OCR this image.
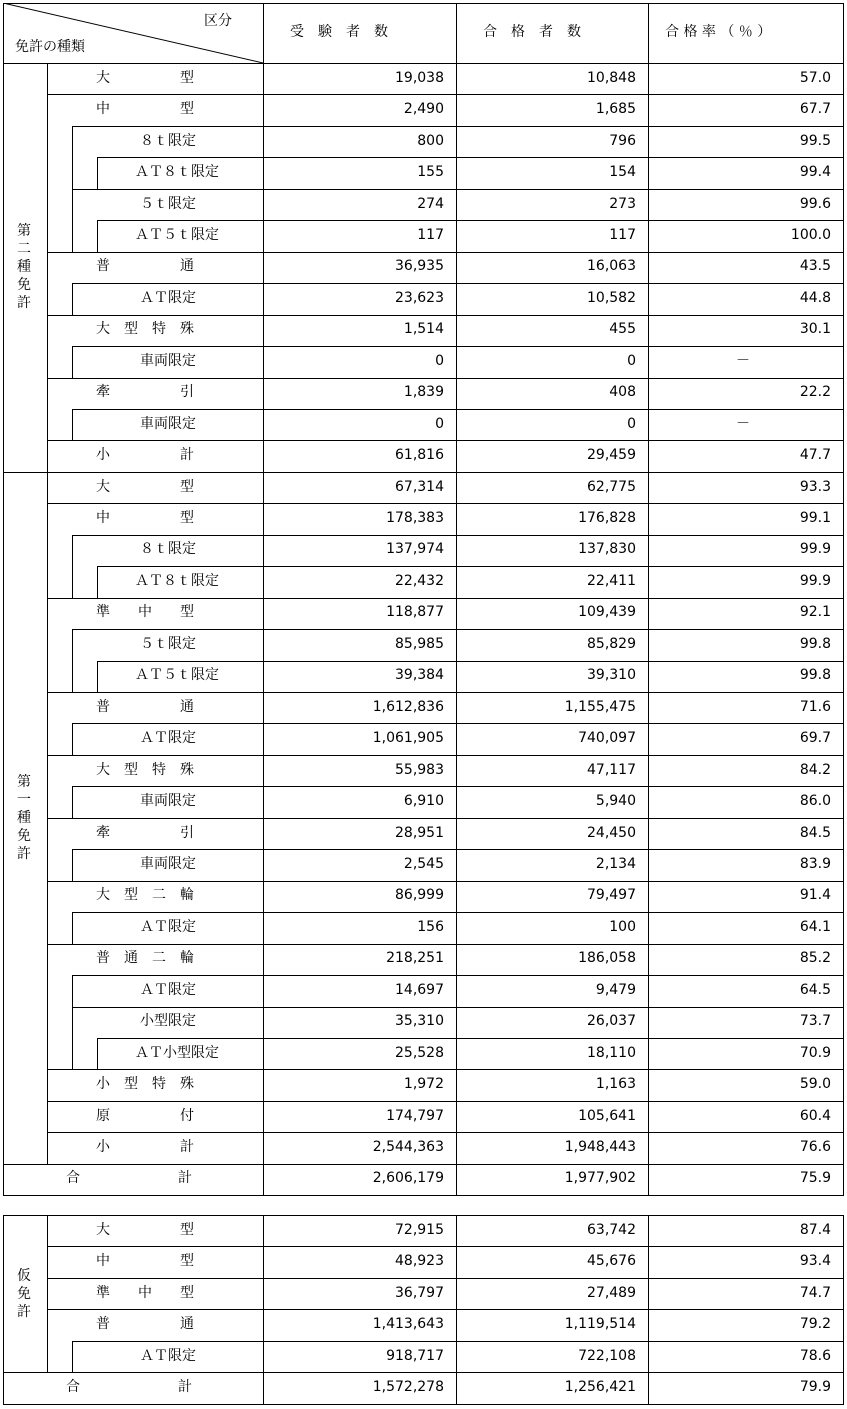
区分
免許の種類
受　験　者　数	合　格　者　数	合 格 率 （ ％ ）
大　　　　　型	19,038	10,848	57.0
中　　　　　型	2,490	1,685	67.7
８ｔ限定	800	796	99.5
ＡＴ８ｔ限定	155	154	99.4
５ｔ限定	274	273	99.6
ＡＴ５ｔ限定	117	117	100.0
普　　　　　通	36,935	16,063	43.5
ＡＴ限定	23,623	10,582	44.8
大　型　特　殊	1,514	455	30.1
車両限定	0	0	－
牽　　　　　引	1,839	408	22.2
車両限定	0	0	－
小　　　　　計	61,816	29,459	47.7
第二種免許
大　　　　　型	67,314	62,775	93.3
中　　　　　型	178,383	176,828	99.1
８ｔ限定	137,974	137,830	99.9
ＡＴ８ｔ限定	22,432	22,411	99.9
準　　中　　型	118,877	109,439	92.1
５ｔ限定	85,985	85,829	99.8
ＡＴ５ｔ限定	39,384	39,310	99.8
普　　　　　通	1,612,836	1,155,475	71.6
ＡＴ限定	1,061,905	740,097	69.7
大　型　特　殊	55,983	47,117	84.2
車両限定	6,910	5,940	86.0
牽　　　　　引	28,951	24,450	84.5
車両限定	2,545	2,134	83.9
大　型　二　輪	86,999	79,497	91.4
ＡＴ限定	156	100	64.1
普　通　二　輪	218,251	186,058	85.2
ＡＴ限定	14,697	9,479	64.5
小型限定	35,310	26,037	73.7
ＡＴ小型限定	25,528	18,110	70.9
小　型　特　殊	1,972	1,163	59.0
原　　　　　付	174,797	105,641	60.4
小　　　　　計	2,544,363	1,948,443	76.6
第一種免許
合　　　　　　　計	2,606,179	1,977,902	75.9
大　　　　　型	72,915	63,742	87.4
中　　　　　型	48,923	45,676	93.4
準　　中　　型	36,797	27,489	74.7
普　　　　　通	1,413,643	1,119,514	79.2
ＡＴ限定	918,717	722,108	78.6
仮免許
合　　　　　　　計	1,572,278	1,256,421	79.9
